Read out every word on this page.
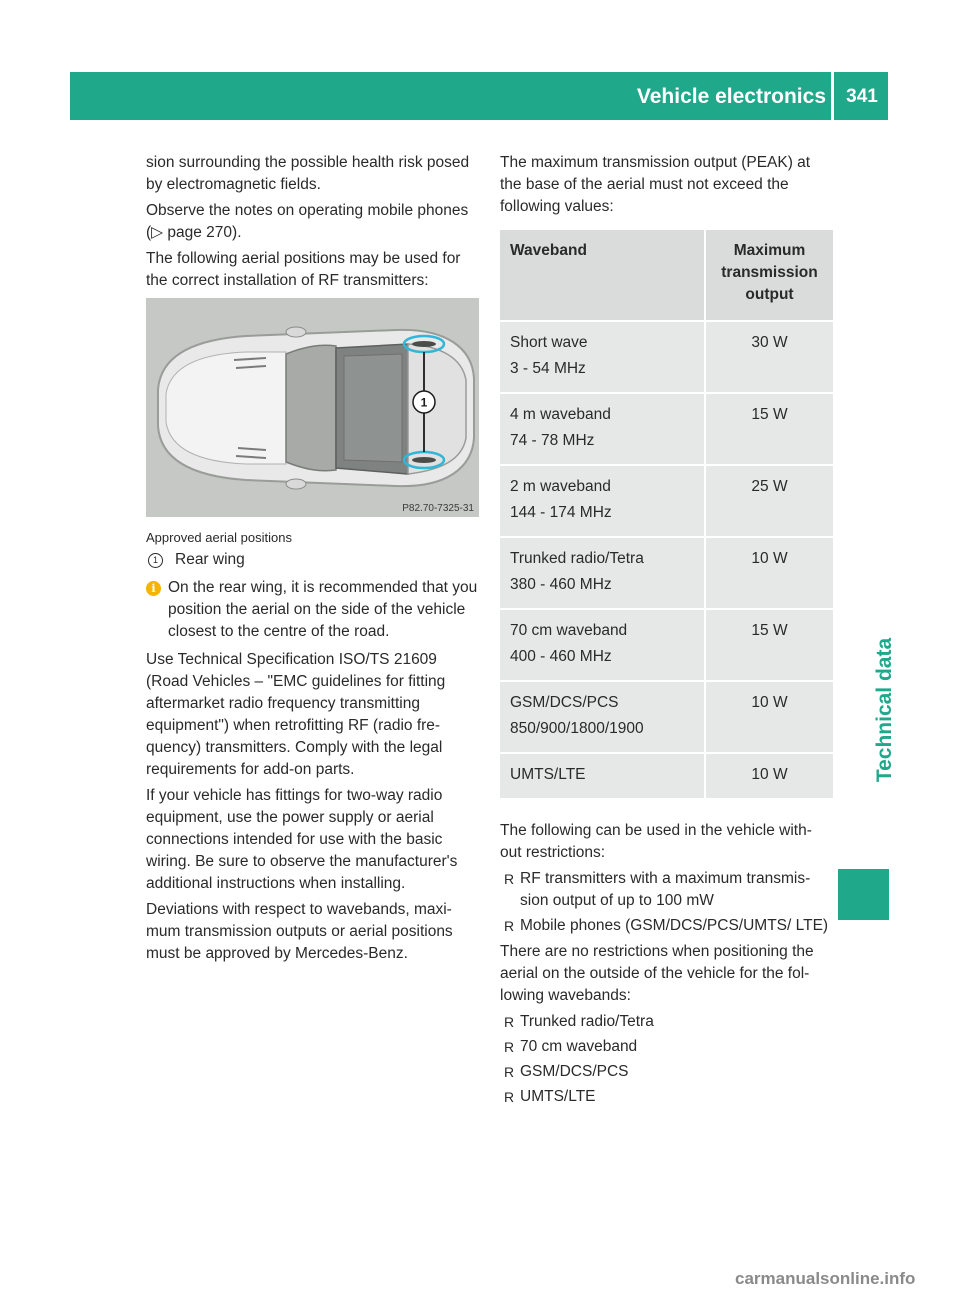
Vehicle electronics	341
Technical data

sion surrounding the possible health risk posed by electromagnetic fields.

Observe the notes on operating mobile phones (▷ page 270).

The following aerial positions may be used for the correct installation of RF transmitters:

1
P82.70-7325-31
Approved aerial positions
1	Rear wing
i On the rear wing, it is recommended that you position the aerial on the side of the vehicle closest to the centre of the road.

Use Technical Specification ISO/TS 21609 (Road Vehicles – "EMC guidelines for fitting aftermarket radio frequency transmitting equipment") when retrofitting RF (radio fre-quency) transmitters. Comply with the legal requirements for add-on parts.

If your vehicle has fittings for two-way radio equipment, use the power supply or aerial connections intended for use with the basic wiring. Be sure to observe the manufacturer's additional instructions when installing.

Deviations with respect to wavebands, maxi-mum transmission outputs or aerial positions must be approved by Mercedes-Benz.

The maximum transmission output (PEAK) at the base of the aerial must not exceed the following values:

Waveband	Maximum transmission output

Short wave
3 - 54 MHz	30 W

4 m waveband
74 - 78 MHz	15 W

2 m waveband
144 - 174 MHz	25 W

Trunked radio/Tetra
380 - 460 MHz	10 W

70 cm waveband
400 - 460 MHz	15 W

GSM/DCS/PCS
850/900/1800/1900	10 W

UMTS/LTE	10 W

The following can be used in the vehicle with-out restrictions:

R RF transmitters with a maximum transmis-sion output of up to 100 mW
R Mobile phones (GSM/DCS/PCS/UMTS/ LTE)

There are no restrictions when positioning the aerial on the outside of the vehicle for the fol-lowing wavebands:

R Trunked radio/Tetra
R 70 cm waveband
R GSM/DCS/PCS
R UMTS/LTE
carmanualsonline.info
